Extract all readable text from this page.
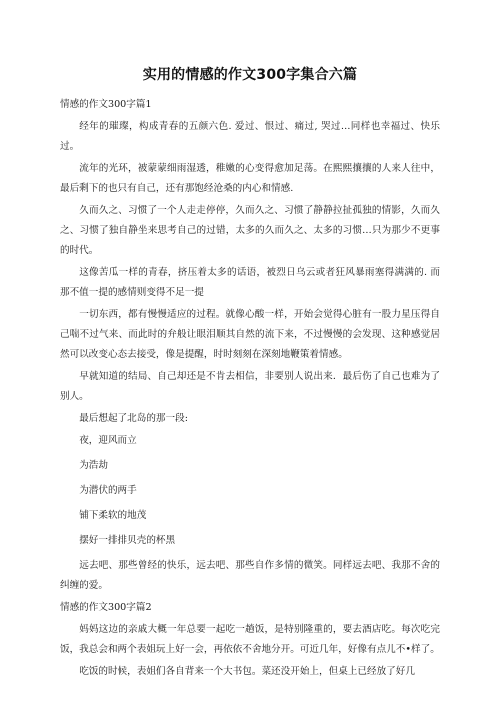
实用的情感的作文300字集合六篇

情感的作文300字篇1

经年的璀璨，构成青春的五颜六色. 爱过、恨过、痛过, 哭过…同样也幸福过、快乐过。

流年的光环，被蒙蒙细雨湿透，稚嫩的心变得愈加足荡。在熙熙攘攘的人来人往中，最后剩下的也只有自己，还有那饱经沧桑的内心和情感.

久而久之、习惯了一个人走走停停，久而久之、习惯了静静拉扯孤独的情影，久而久之、习惯了独自静坐来思考自己的过错，太多的久而久之、太多的习惯…只为那少不更事的时代。

这像苦瓜一样的青春，挤压着太多的话语，被烈日乌云或者狂风暴雨塞得满满的. 而那不值一提的感情则变得不足一提

一切东西，都有慢慢适应的过程。就像心酸一样，开始会觉得心脏有一股力星压得自己喘不过气来、而此时的弁般让眼泪顺其自然的流下来，不过慢慢的会发现、这种感觉居然可以改变心态去接受，像是提醒，时时刻刻在深刻地鞭策着情感。

早就知道的结局、自己却还是不肯去相信，非要别人说出来．最后伤了自己也难为了别人。

最后想起了北岛的那一段:

夜，迎风而立

为浩劫

为潜伏的两手

铺下柔软的地茂

摆好一排排贝壳的杯黑

远去吧、那些曾经的快乐，远去吧、那些自作多情的微笑。同样远去吧、我那不舍的纠缠的爱。

情感的作文300字篇2

妈妈这边的亲戚大概一年总要一起吃一趟饭，是特别隆重的，要去酒店吃。每次吃完饭，我总会和两个表姐玩上好一会，再依依不舍地分开。可近几年，好像有点儿不•样了。

吃饭的时候，表姐们各自背来一个大书包。菜还没开始上，但桌上已经放了好几
